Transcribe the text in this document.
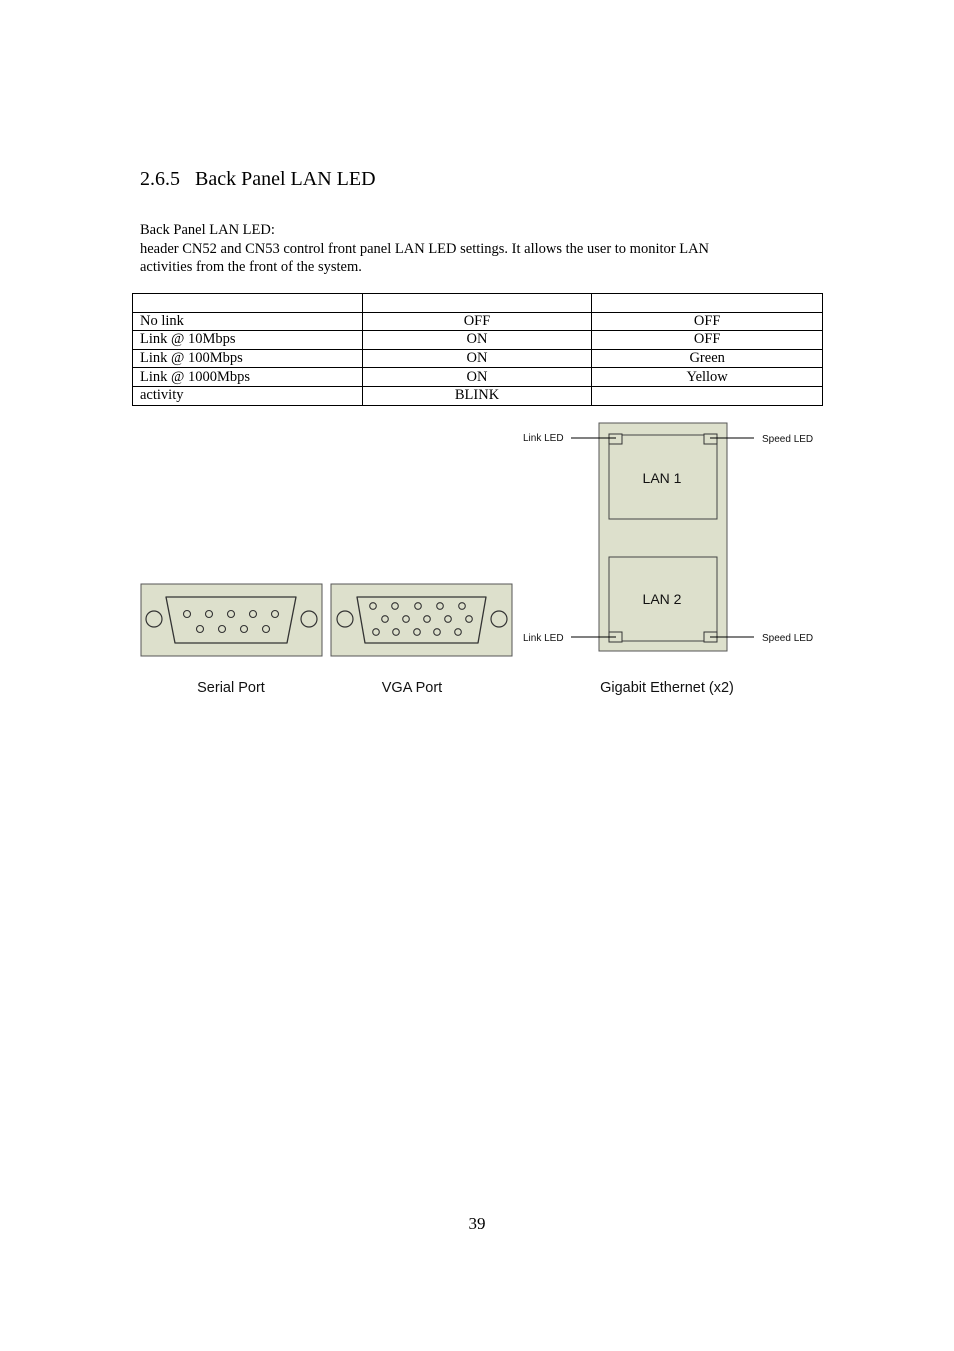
2.6.5 Back Panel LAN LED
Back Panel LAN LED:
header CN52 and CN53 control front panel LAN LED settings. It allows the user to monitor LAN
activities from the front of the system.

No link	OFF	OFF
Link @ 10Mbps	ON	OFF
Link @ 100Mbps	ON	Green
Link @ 1000Mbps	ON	Yellow
activity	BLINK	
LAN 1
LAN 2
Link LED	Speed LED
Link LED	Speed LED
Serial Port	VGA Port	Gigabit Ethernet (x2)
39
